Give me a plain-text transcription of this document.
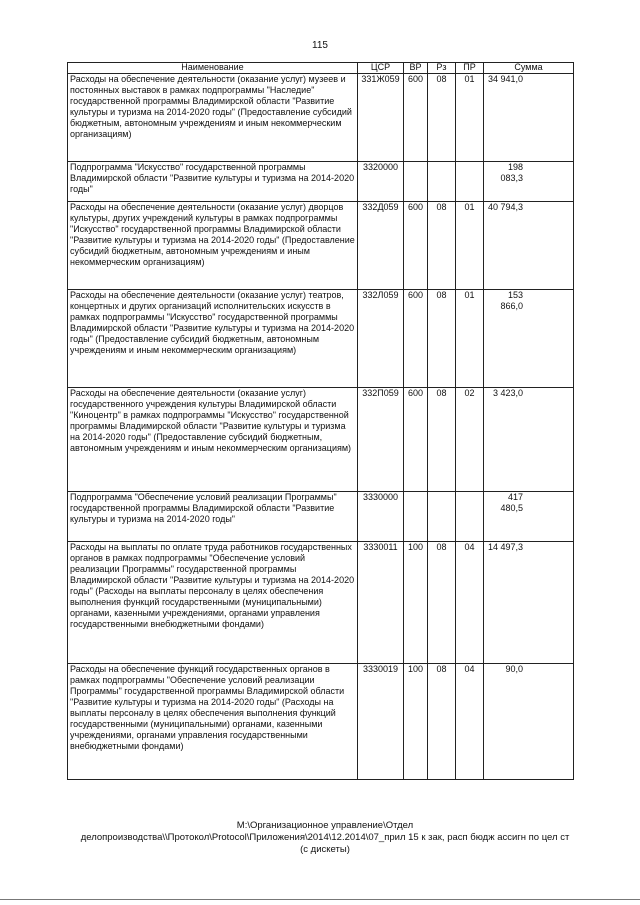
115
Наименование	ЦСР	ВР	Рз	ПР	Сумма
Расходы на обеспечение деятельности (оказание услуг) музеев и постоянных выставок в рамках подпрограммы "Наследие" государственной программы Владимирской области "Развитие культуры и туризма на 2014-2020 годы" (Предоставление субсидий бюджетным, автономным учреждениям и иным некоммерческим организациям)	331Ж059	600	08	01	34 941,0
Подпрограмма "Искусство" государственной программы Владимирской области "Развитие культуры и туризма на 2014-2020 годы"	3320000				198 083,3
Расходы на обеспечение деятельности (оказание услуг) дворцов культуры, других учреждений культуры в рамках подпрограммы "Искусство" государственной программы Владимирской области "Развитие культуры и туризма на 2014-2020 годы" (Предоставление субсидий бюджетным, автономным учреждениям и иным некоммерческим организациям)	332Д059	600	08	01	40 794,3
Расходы на обеспечение деятельности (оказание услуг) театров, концертных и других организаций исполнительских искусств в рамках подпрограммы "Искусство" государственной программы Владимирской области "Развитие культуры и туризма на 2014-2020 годы" (Предоставление субсидий бюджетным, автономным учреждениям и иным некоммерческим организациям)	332Л059	600	08	01	153 866,0
Расходы на обеспечение деятельности (оказание услуг) государственного учреждения культуры Владимирской области "Киноцентр" в рамках подпрограммы "Искусство" государственной программы Владимирской области "Развитие культуры и туризма на 2014-2020 годы" (Предоставление субсидий бюджетным, автономным учреждениям и иным некоммерческим организациям)	332П059	600	08	02	3 423,0
Подпрограмма "Обеспечение условий реализации Программы" государственной программы Владимирской области "Развитие культуры и туризма на 2014-2020 годы"	3330000				417 480,5
Расходы на выплаты по оплате труда работников государственных органов в рамках подпрограммы "Обеспечение условий реализации Программы" государственной программы Владимирской области "Развитие культуры и туризма на 2014-2020 годы" (Расходы на выплаты персоналу в целях обеспечения выполнения функций государственными (муниципальными) органами, казенными учреждениями, органами управления государственными внебюджетными фондами)	3330011	100	08	04	14 497,3
Расходы на обеспечение функций государственных органов в рамках подпрограммы "Обеспечение условий реализации Программы" государственной программы Владимирской области "Развитие культуры и туризма на 2014-2020 годы" (Расходы на выплаты персоналу в целях обеспечения выполнения функций государственными (муниципальными) органами, казенными учреждениями, органами управления государственными внебюджетными фондами)	3330019	100	08	04	90,0
М:\Организационное управление\Отдел
делопроизводства\\Протокол\Protocol\Приложения\2014\12.2014\07_прил 15 к зак, расп бюдж ассигн по цел ст
(с дискеты)
